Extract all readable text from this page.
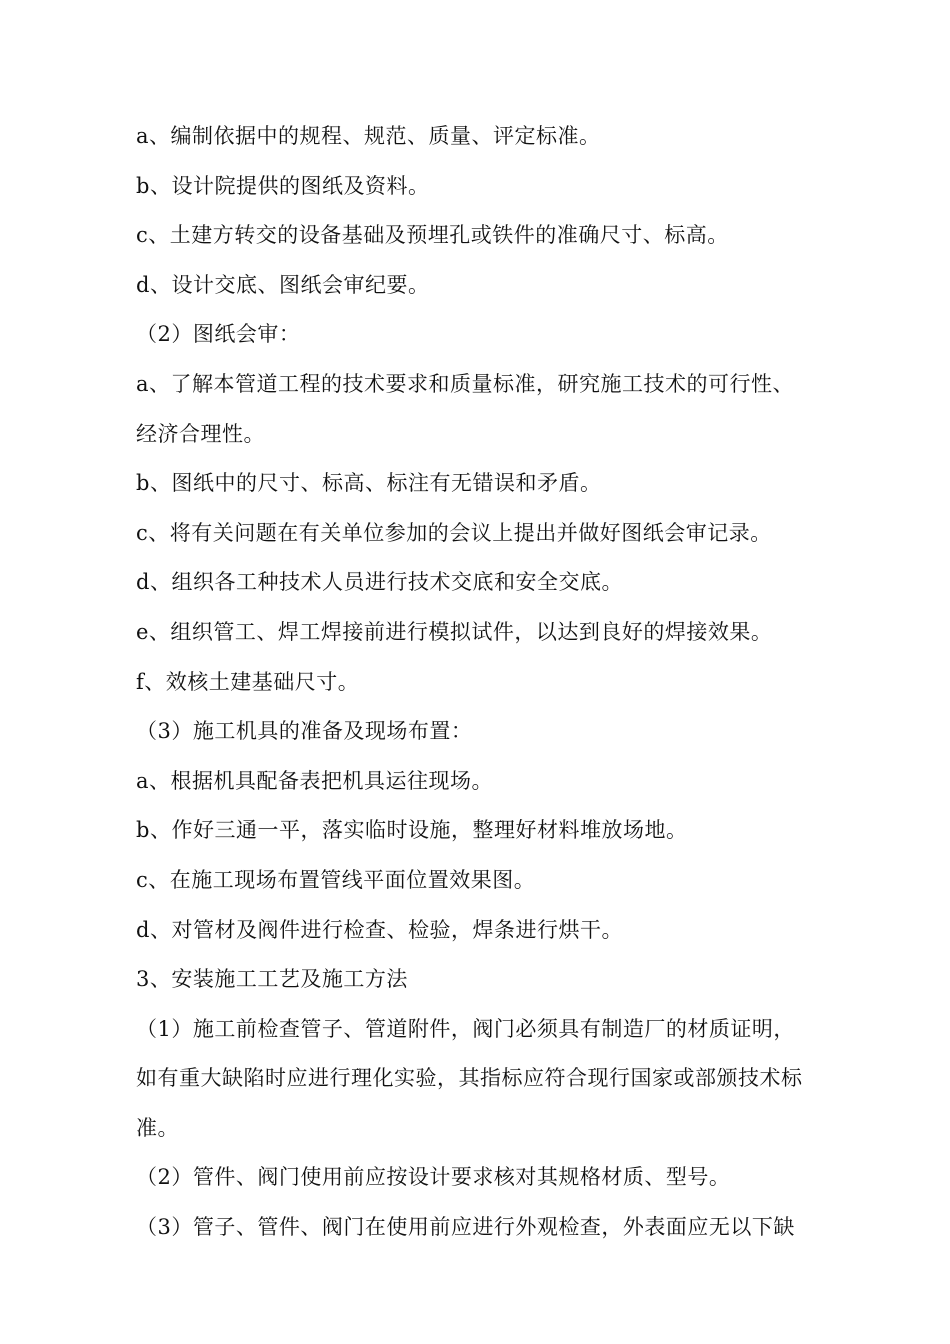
a、编制依据中的规程、规范、质量、评定标准。
b、设计院提供的图纸及资料。
c、土建方转交的设备基础及预埋孔或铁件的准确尺寸、标高。
d、设计交底、图纸会审纪要。
（2）图纸会审：
a、了解本管道工程的技术要求和质量标准，研究施工技术的可行性、
经济合理性。
b、图纸中的尺寸、标高、标注有无错误和矛盾。
c、将有关问题在有关单位参加的会议上提出并做好图纸会审记录。
d、组织各工种技术人员进行技术交底和安全交底。
e、组织管工、焊工焊接前进行模拟试件，以达到良好的焊接效果。
f、效核土建基础尺寸。
（3）施工机具的准备及现场布置：
a、根据机具配备表把机具运往现场。
b、作好三通一平，落实临时设施，整理好材料堆放场地。
c、在施工现场布置管线平面位置效果图。
d、对管材及阀件进行检查、检验，焊条进行烘干。
3、安装施工工艺及施工方法
（1）施工前检查管子、管道附件，阀门必须具有制造厂的材质证明，
如有重大缺陷时应进行理化实验，其指标应符合现行国家或部颁技术标
准。
（2）管件、阀门使用前应按设计要求核对其规格材质、型号。
（3）管子、管件、阀门在使用前应进行外观检查，外表面应无以下缺
